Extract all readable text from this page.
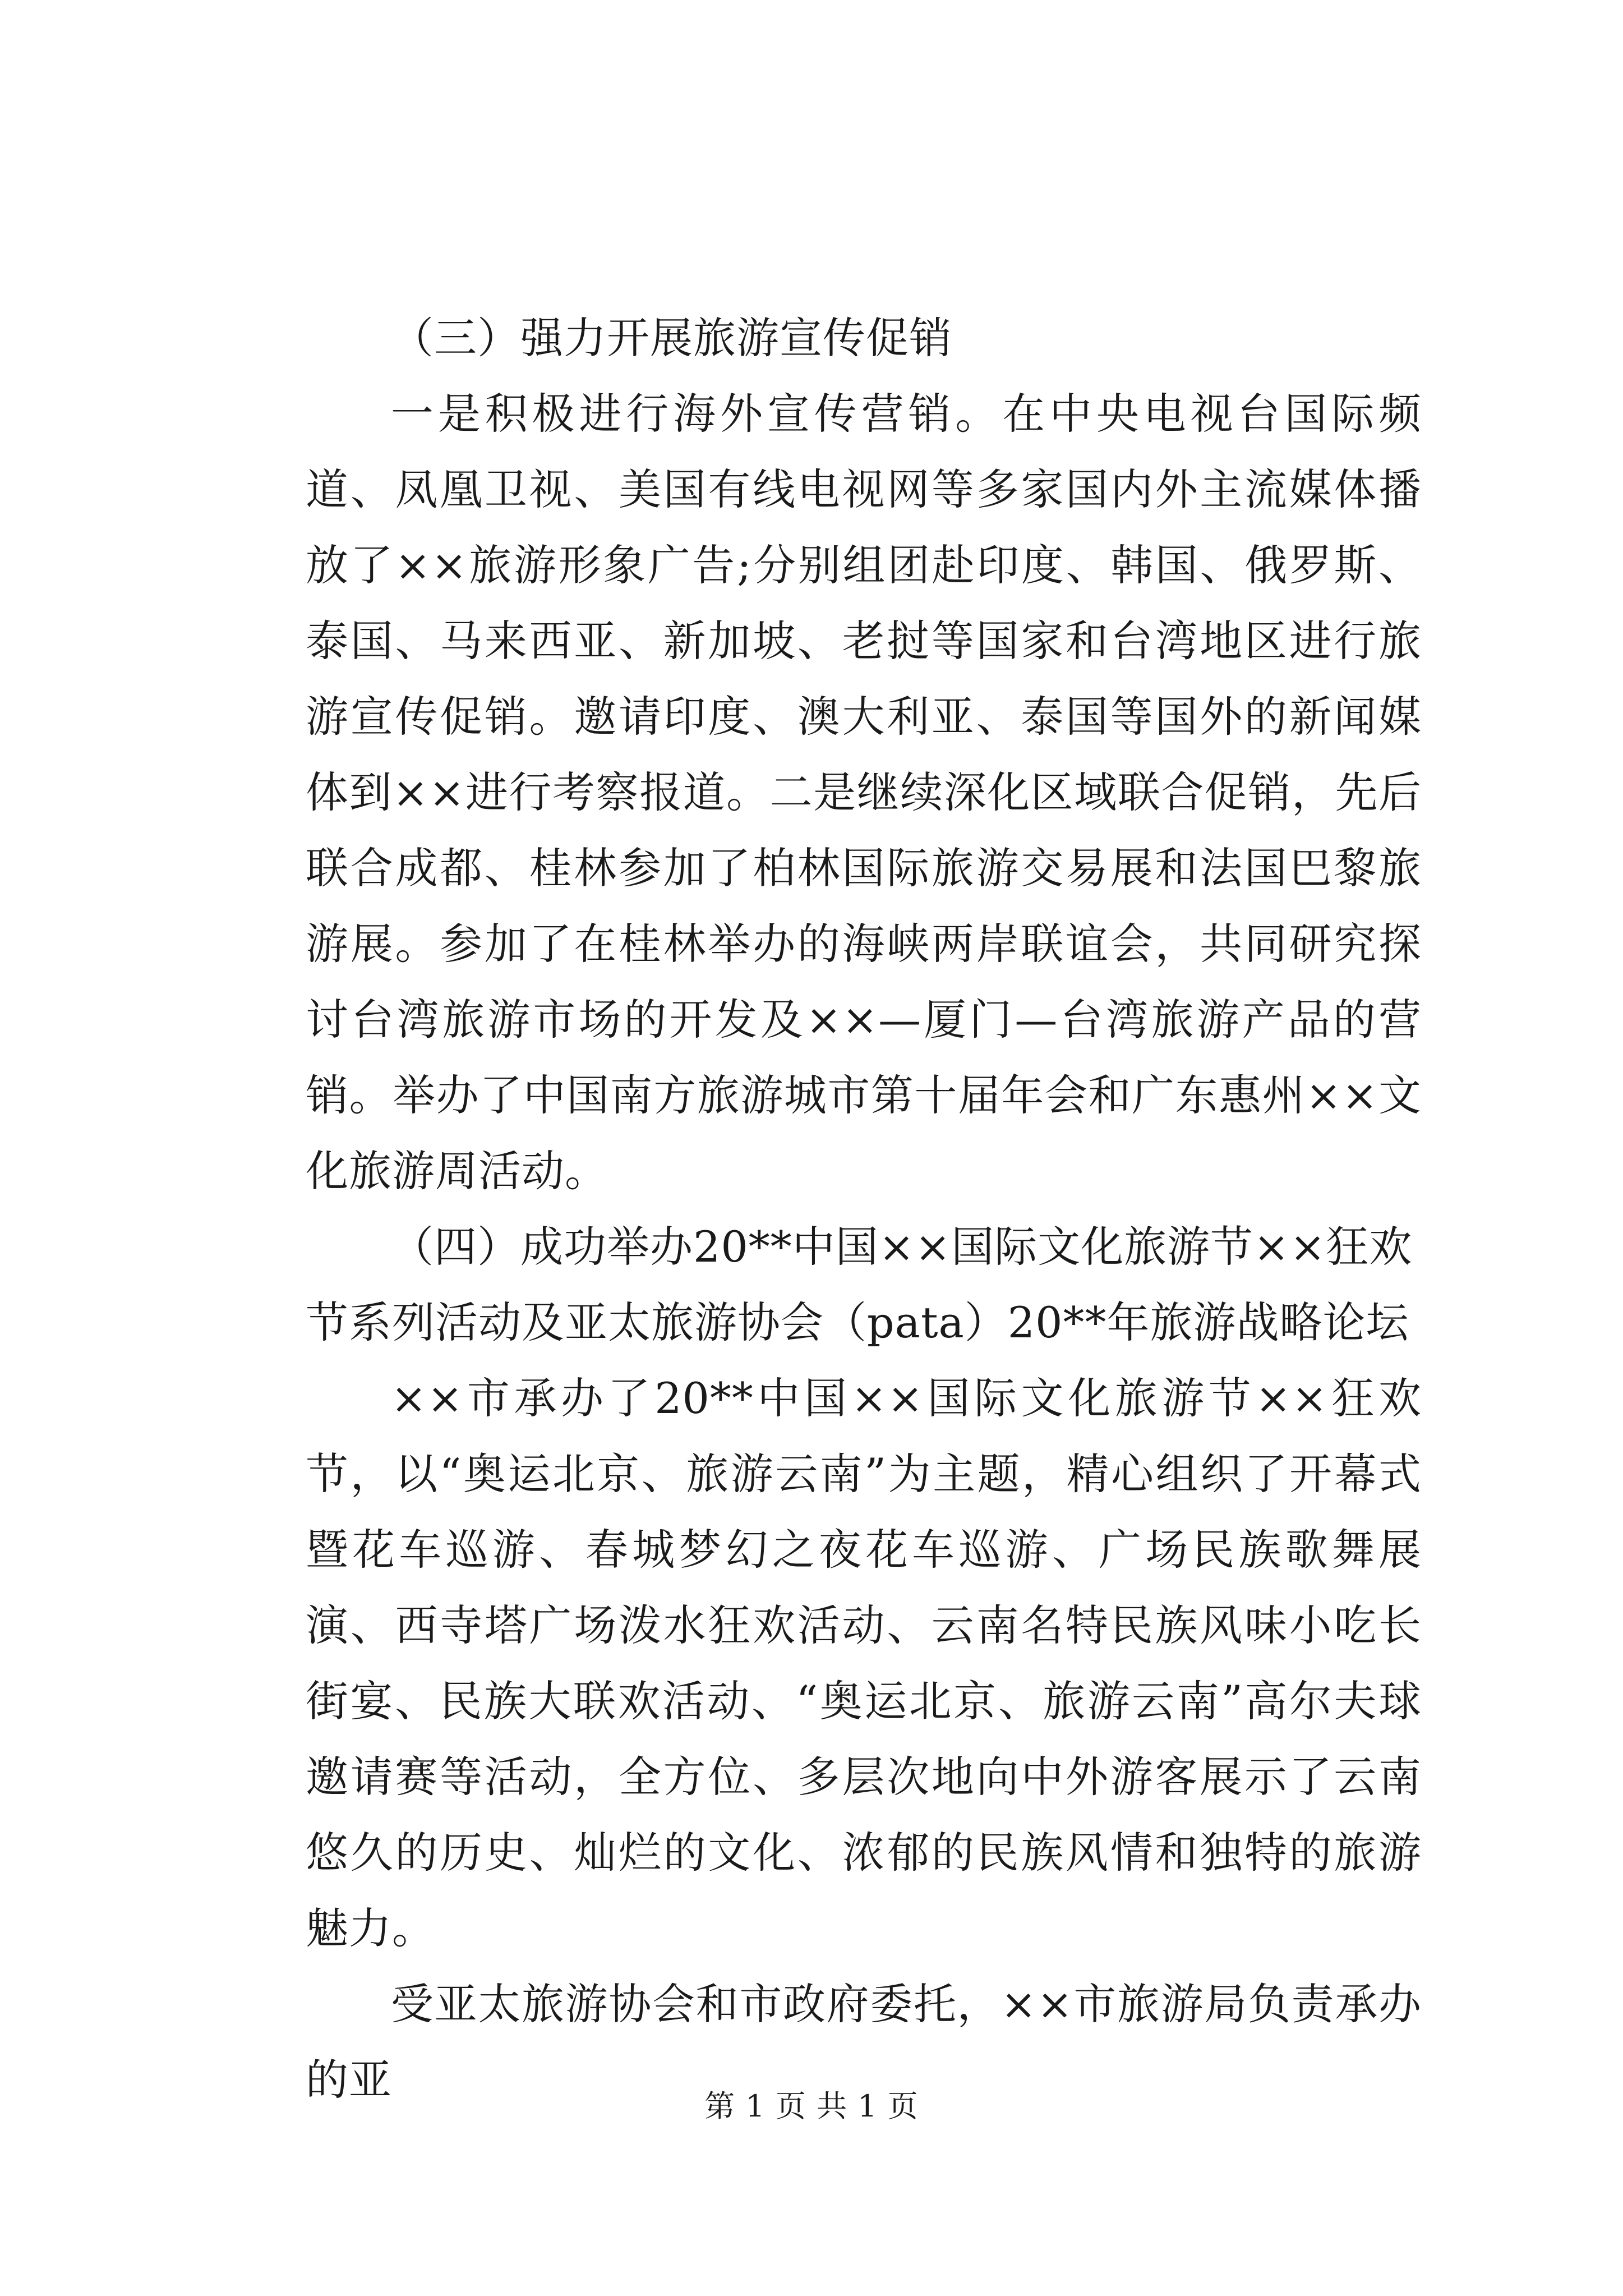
（三）强力开展旅游宣传促销

一是积极进行海外宣传营销。在中央电视台国际频道、凤凰卫视、美国有线电视网等多家国内外主流媒体播放了××旅游形象广告;分别组团赴印度、韩国、俄罗斯、泰国、马来西亚、新加坡、老挝等国家和台湾地区进行旅游宣传促销。邀请印度、澳大利亚、泰国等国外的新闻媒体到××进行考察报道。二是继续深化区域联合促销，先后联合成都、桂林参加了柏林国际旅游交易展和法国巴黎旅游展。参加了在桂林举办的海峡两岸联谊会，共同研究探讨台湾旅游市场的开发及××—厦门—台湾旅游产品的营销。举办了中国南方旅游城市第十届年会和广东惠州××文化旅游周活动。

（四）成功举办20**中国××国际文化旅游节××狂欢节系列活动及亚太旅游协会（pata）20**年旅游战略论坛

××市承办了20**中国××国际文化旅游节××狂欢节，以“奥运北京、旅游云南”为主题，精心组织了开幕式暨花车巡游、春城梦幻之夜花车巡游、广场民族歌舞展演、西寺塔广场泼水狂欢活动、云南名特民族风味小吃长街宴、民族大联欢活动、“奥运北京、旅游云南”高尔夫球邀请赛等活动，全方位、多层次地向中外游客展示了云南悠久的历史、灿烂的文化、浓郁的民族风情和独特的旅游魅力。

受亚太旅游协会和市政府委托，××市旅游局负责承办的亚

第 1 页 共 1 页
